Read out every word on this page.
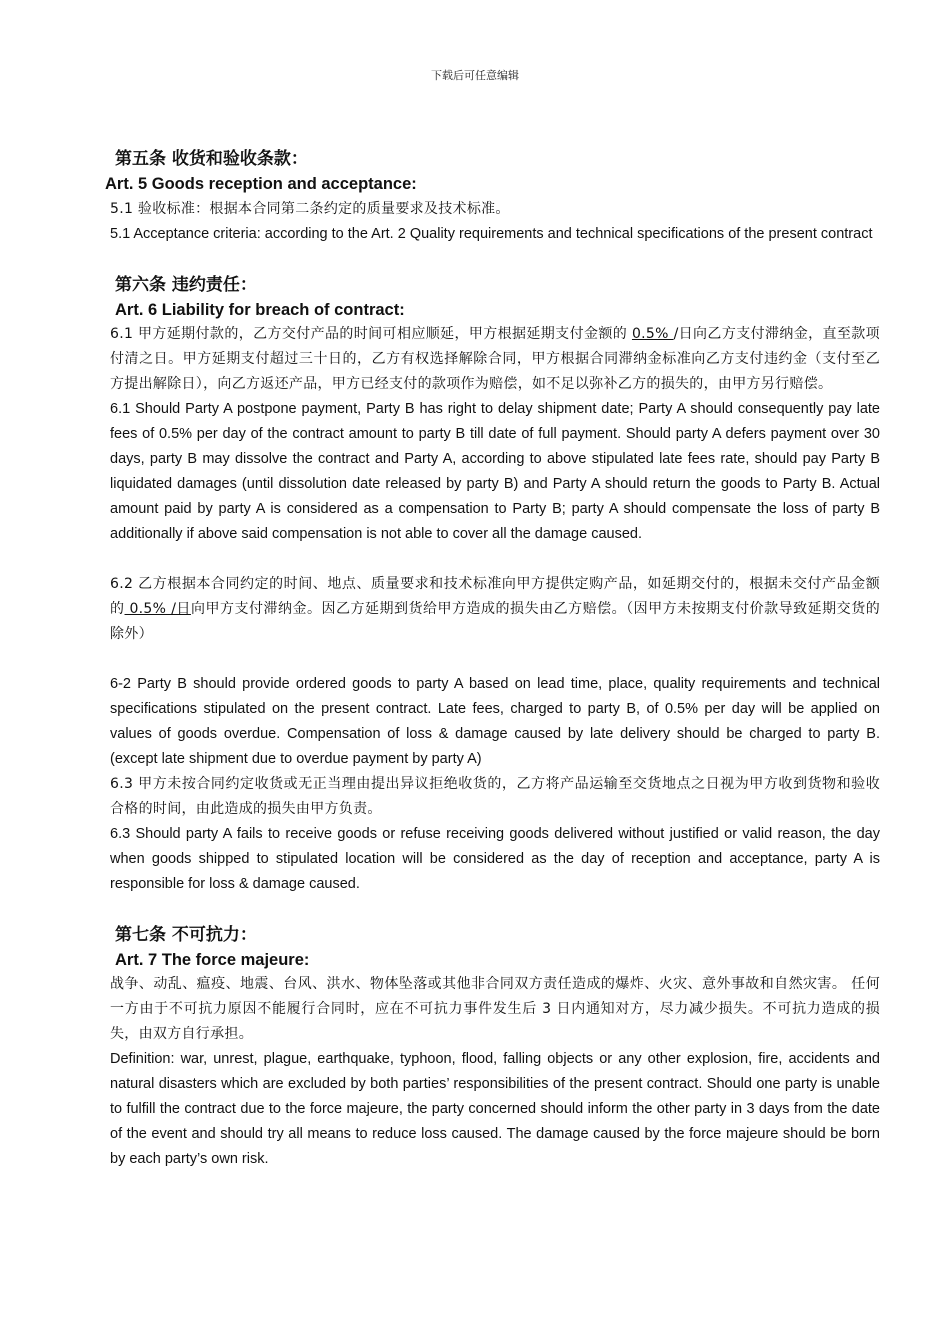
下载后可任意编辑

第五条 收货和验收条款：

Art. 5 Goods reception and acceptance:

5.1 验收标准：根据本合同第二条约定的质量要求及技术标准。

5.1 Acceptance criteria: according to the Art. 2 Quality requirements and technical specifications of the present contract

第六条 违约责任：

Art. 6 Liability for breach of contract:

6.1 甲方延期付款的，乙方交付产品的时间可相应顺延，甲方根据延期支付金额的 0.5% /日向乙方支付滞纳金，直至款项付清之日。甲方延期支付超过三十日的，乙方有权选择解除合同，甲方根据合同滞纳金标准向乙方支付违约金（支付至乙方提出解除日），向乙方返还产品，甲方已经支付的款项作为赔偿，如不足以弥补乙方的损失的，由甲方另行赔偿。

6.1 Should Party A postpone payment, Party B has right to delay shipment date; Party A should consequently pay late fees of 0.5% per day of the contract amount to party B till date of full payment. Should party A defers payment over 30 days, party B may dissolve the contract and Party A, according to above stipulated late fees rate, should pay Party B liquidated damages (until dissolution date released by party B) and Party A should return the goods to Party B. Actual amount paid by party A is considered as a compensation to Party B; party A should compensate the loss of party B additionally if above said compensation is not able to cover all the damage caused.

6.2 乙方根据本合同约定的时间、地点、质量要求和技术标准向甲方提供定购产品，如延期交付的，根据未交付产品金额的 0.5% /日向甲方支付滞纳金。因乙方延期到货给甲方造成的损失由乙方赔偿。（因甲方未按期支付价款导致延期交货的除外）

6-2 Party B should provide ordered goods to party A based on lead time, place, quality requirements and technical specifications stipulated on the present contract. Late fees, charged to party B, of 0.5% per day will be applied on values of goods overdue. Compensation of loss & damage caused by late delivery should be charged to party B. (except late shipment due to overdue payment by party A)

6.3 甲方未按合同约定收货或无正当理由提出异议拒绝收货的，乙方将产品运输至交货地点之日视为甲方收到货物和验收合格的时间，由此造成的损失由甲方负责。

6.3 Should party A fails to receive goods or refuse receiving goods delivered without justified or valid reason, the day when goods shipped to stipulated location will be considered as the day of reception and acceptance, party A is responsible for loss & damage caused.

第七条 不可抗力：

Art. 7 The force majeure:

战争、动乱、瘟疫、地震、台风、洪水、物体坠落或其他非合同双方责任造成的爆炸、火灾、意外事故和自然灾害。 任何一方由于不可抗力原因不能履行合同时，应在不可抗力事件发生后 3 日内通知对方，尽力减少损失。不可抗力造成的损失，由双方自行承担。

Definition: war, unrest, plague, earthquake, typhoon, flood, falling objects or any other explosion, fire, accidents and natural disasters which are excluded by both parties’ responsibilities of the present contract. Should one party is unable to fulfill the contract due to the force majeure, the party concerned should inform the other party in 3 days from the date of the event and should try all means to reduce loss caused. The damage caused by the force majeure should be born by each party’s own risk.
